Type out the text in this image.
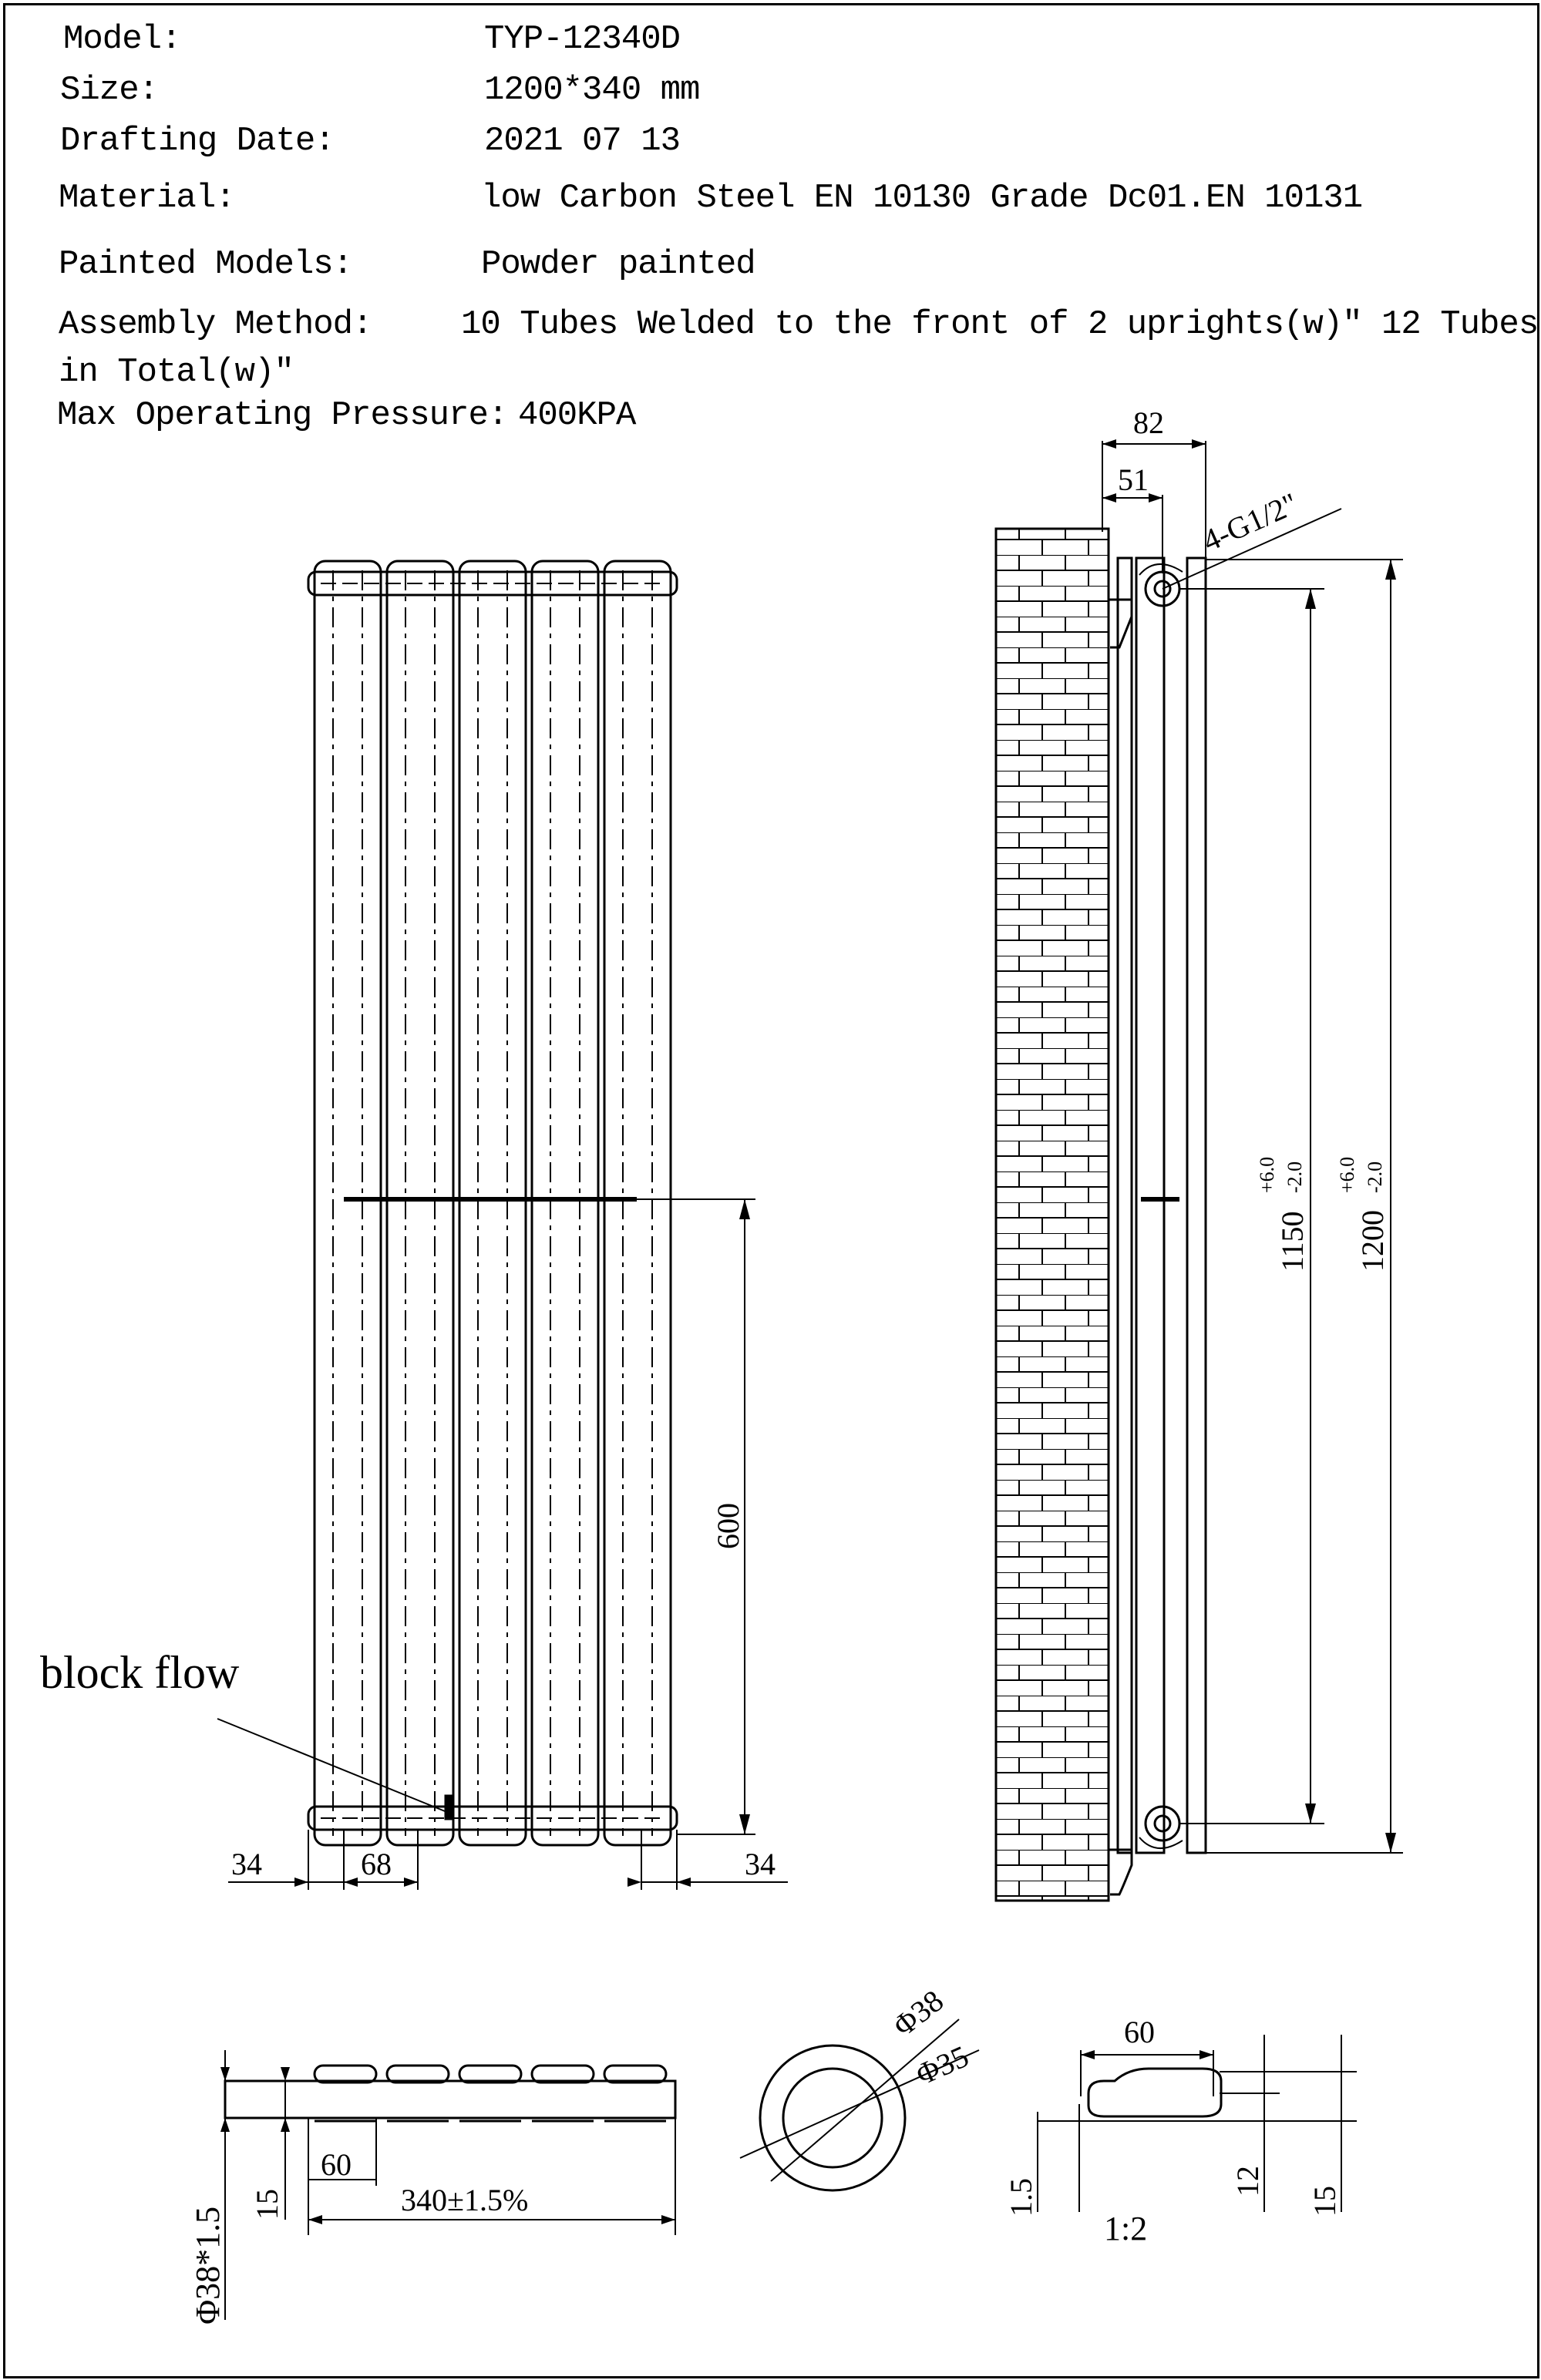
Model:	TYP-12340D
Size:	1200*340 mm
Drafting Date:	2021 07 13
Material:	low Carbon Steel EN 10130 Grade Dc01.EN 10131
Painted Models:	Powder painted
Assembly Method:	10 Tubes Welded to the front of 2 uprights(w)" 12 Tubes
in Total(w)"
Max Operating Pressure: 400KPA
block flow
34	68	34
600
82
51
4-G1/2"
1150
+6.0 -2.0
1200
+6.0 -2.0
60
15	340±1.5%
Φ38*1.5
Φ38
Φ35
60
1.5	12
15
1:2
